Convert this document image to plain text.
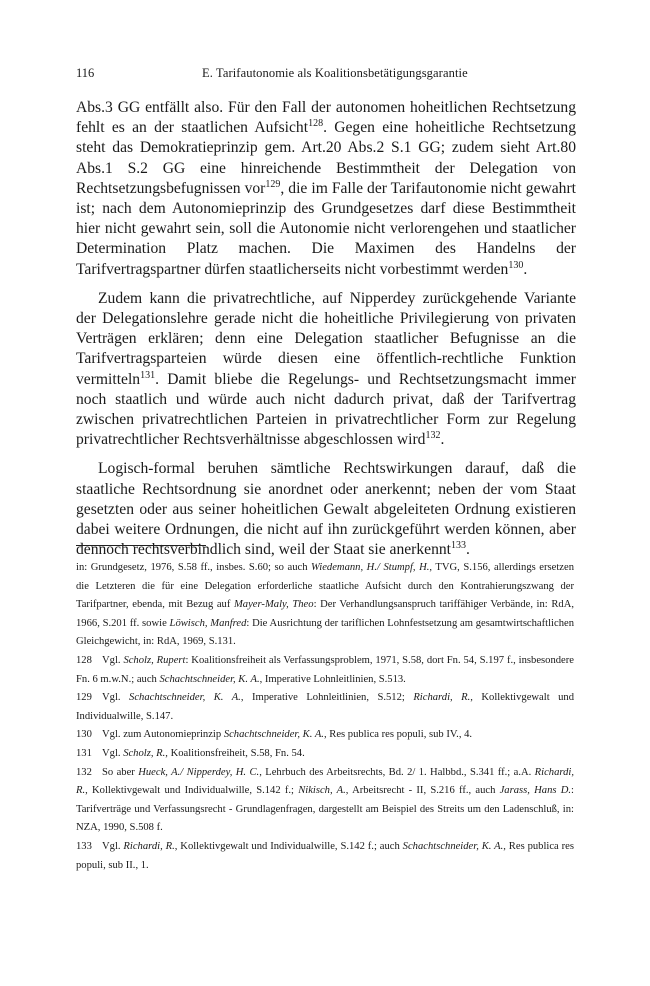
116	E. Tarifautonomie als Koalitionsbetätigungsgarantie

Abs.3 GG entfällt also. Für den Fall der autonomen hoheitlichen Rechtsetzung fehlt es an der staatlichen Aufsicht$^{128}$. Gegen eine hoheitliche Rechtsetzung steht das Demokratieprinzip gem. Art.20 Abs.2 S.1 GG; zudem sieht Art.80 Abs.1 S.2 GG eine hinreichende Bestimmtheit der Delegation von Rechtsetzungsbefugnissen vor$^{129}$, die im Falle der Tarifautonomie nicht gewahrt ist; nach dem Autonomieprinzip des Grundgesetzes darf diese Bestimmtheit hier nicht gewahrt sein, soll die Autonomie nicht verlorengehen und staatlicher Determination Platz machen. Die Maximen des Handelns der Tarifvertragspartner dürfen staatlicherseits nicht vorbestimmt werden$^{130}$.

Zudem kann die privatrechtliche, auf Nipperdey zurückgehende Variante der Delegationslehre gerade nicht die hoheitliche Privilegierung von privaten Verträgen erklären; denn eine Delegation staatlicher Befugnisse an die Tarifvertragsparteien würde diesen eine öffentlich-rechtliche Funktion vermitteln$^{131}$. Damit bliebe die Regelungs- und Rechtsetzungsmacht immer noch staatlich und würde auch nicht dadurch privat, daß der Tarifvertrag zwischen privatrechtlichen Parteien in privatrechtlicher Form zur Regelung privatrechtlicher Rechtsverhältnisse abgeschlossen wird$^{132}$.

Logisch-formal beruhen sämtliche Rechtswirkungen darauf, daß die staatliche Rechtsordnung sie anordnet oder anerkennt; neben der vom Staat gesetzten oder aus seiner hoheitlichen Gewalt abgeleiteten Ordnung existieren dabei weitere Ordnungen, die nicht auf ihn zurückgeführt werden können, aber dennoch rechtsverbindlich sind, weil der Staat sie anerkennt$^{133}$.

in: Grundgesetz, 1976, S.58 ff., insbes. S.60; so auch Wiedemann, H./ Stumpf, H., TVG, S.156, allerdings ersetzen die Letzteren die für eine Delegation erforderliche staatliche Aufsicht durch den Kontrahierungszwang der Tarifpartner, ebenda, mit Bezug auf Mayer-Maly, Theo: Der Verhandlungsanspruch tariffähiger Verbände, in: RdA, 1966, S.201 ff. sowie Löwisch, Manfred: Die Ausrichtung der tariflichen Lohnfestsetzung am gesamtwirtschaftlichen Gleichgewicht, in: RdA, 1969, S.131.

128 Vgl. Scholz, Rupert: Koalitionsfreiheit als Verfassungsproblem, 1971, S.58, dort Fn. 54, S.197 f., insbesondere Fn. 6 m.w.N.; auch Schachtschneider, K. A., Imperative Lohnleitlinien, S.513.

129 Vgl. Schachtschneider, K. A., Imperative Lohnleitlinien, S.512; Richardi, R., Kollektivgewalt und Individualwille, S.147.

130 Vgl. zum Autonomieprinzip Schachtschneider, K. A., Res publica res populi, sub IV., 4.

131 Vgl. Scholz, R., Koalitionsfreiheit, S.58, Fn. 54.

132 So aber Hueck, A./ Nipperdey, H. C., Lehrbuch des Arbeitsrechts, Bd. 2/ 1. Halbbd., S.341 ff.; a.A. Richardi, R., Kollektivgewalt und Individualwille, S.142 f.; Nikisch, A., Arbeitsrecht - II, S.216 ff., auch Jarass, Hans D.: Tarifverträge und Verfassungsrecht - Grundlagenfragen, dargestellt am Beispiel des Streits um den Ladenschluß, in: NZA, 1990, S.508 f.

133 Vgl. Richardi, R., Kollektivgewalt und Individualwille, S.142 f.; auch Schachtschneider, K. A., Res publica res populi, sub II., 1.
